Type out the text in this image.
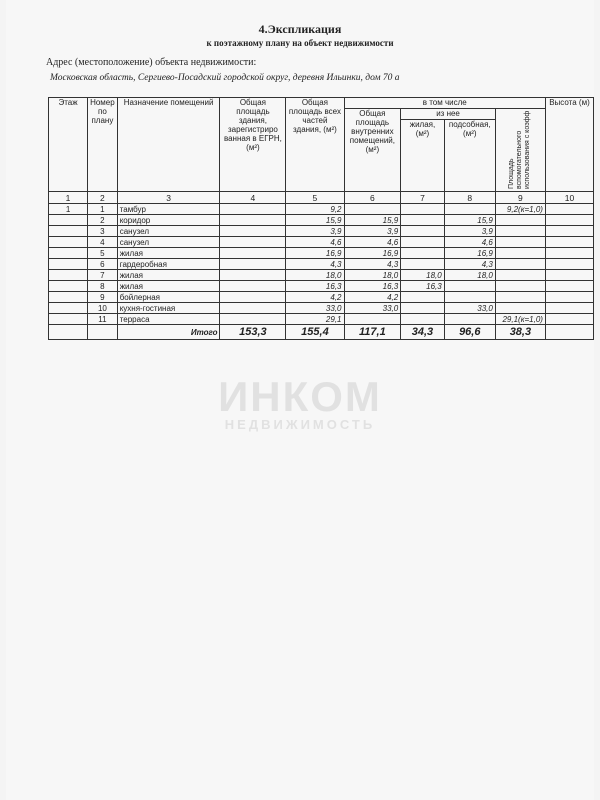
4.Экспликация
к поэтажному плану на объект недвижимости
Адрес (местоположение) объекта недвижимости:
Московская область, Сергиево-Посадский городской округ, деревня Ильинки, дом 70 а
Этаж	Номер по плану	Назначение помещений	Общая площадь здания, зарегистриро ванная в ЕГРН, (м²)	Общая площадь всех частей здания, (м²)	в том числе				Высота (м)
					Общая площадь внутренних помещений, (м²)	из нее		Площадь вспомогательного использования с коэфф	
						жилая, (м²)	подсобная, (м²)		
1	2	3	4	5	6	7	8	9	10
1	1	тамбур		9,2				9,2(к=1,0)	
	2	коридор		15,9	15,9		15,9		
	3	санузел		3,9	3,9		3,9		
	4	санузел		4,6	4,6		4,6		
	5	жилая		16,9	16,9		16,9		
	6	гардеробная		4,3	4,3		4,3		
	7	жилая		18,0	18,0	18,0	18,0		
	8	жилая		16,3	16,3	16,3			
	9	бойлерная		4,2	4,2				
	10	кухня-гостиная		33,0	33,0		33,0		
	11	терраса		29,1				29,1(к=1,0)	
		Итого	153,3	155,4	117,1	34,3	96,6	38,3	
ИНКОМ
НЕДВИЖИМОСТЬ
